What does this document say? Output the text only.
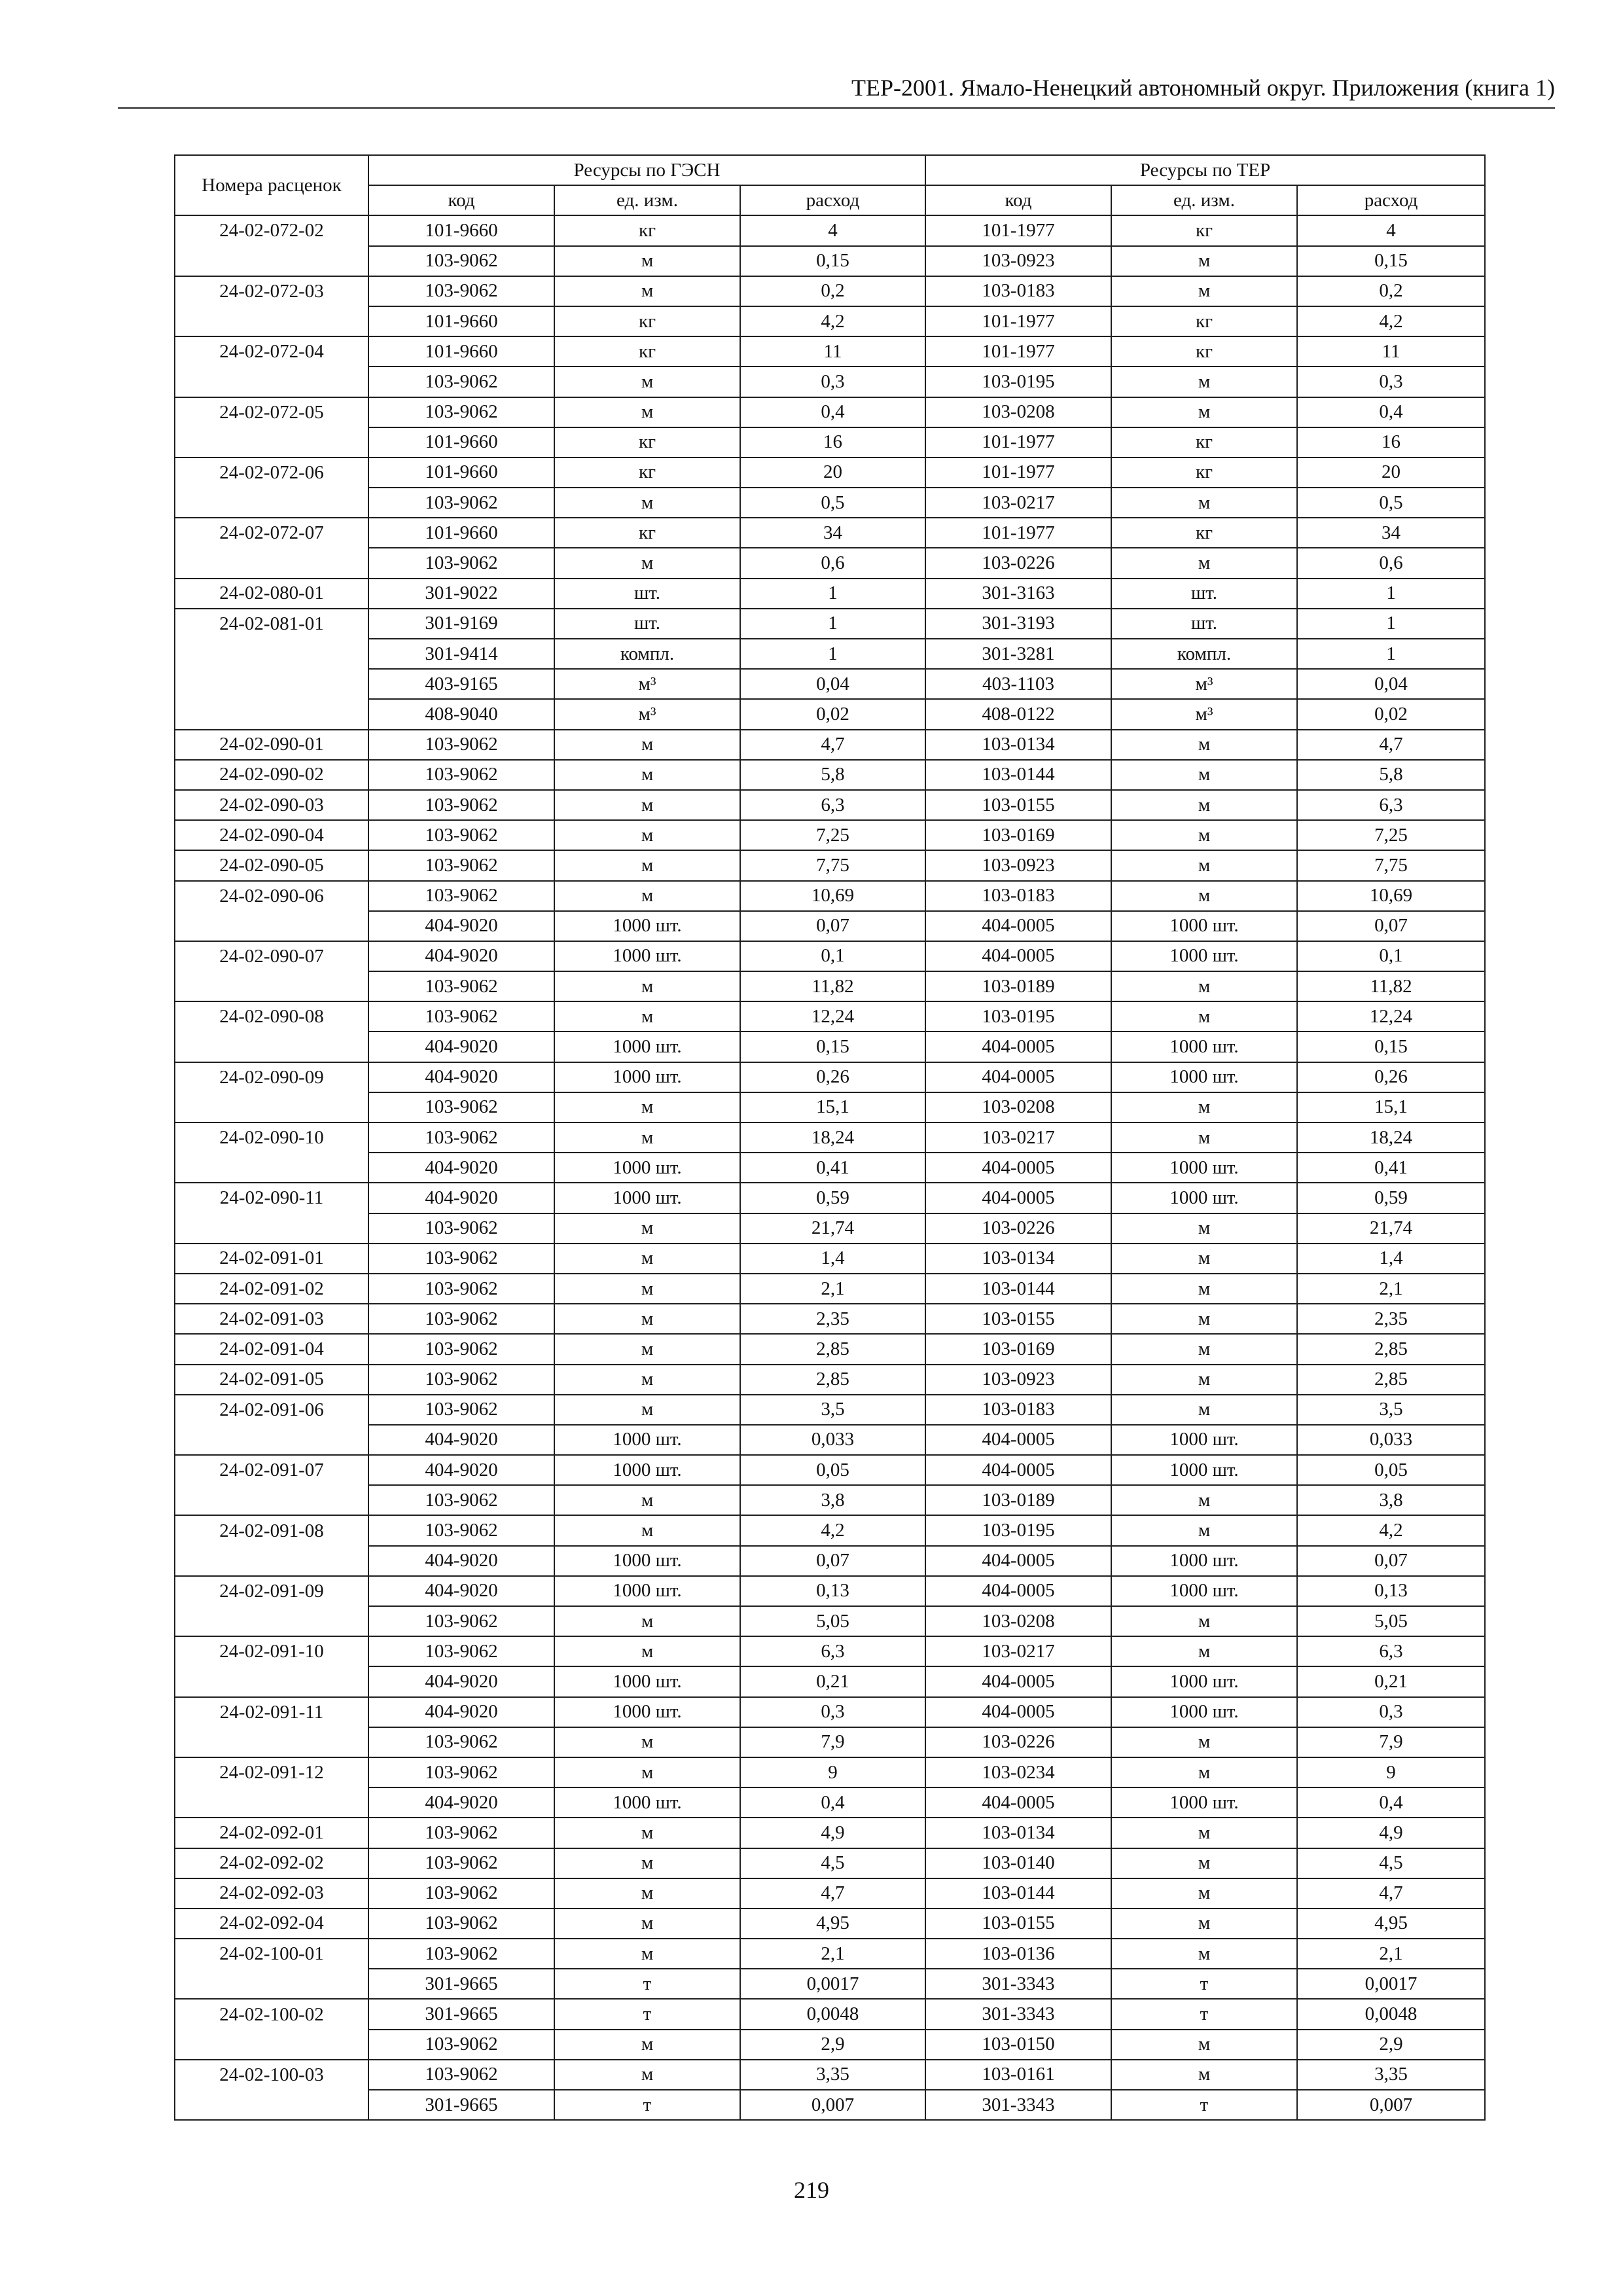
ТЕР-2001. Ямало-Ненецкий автономный округ. Приложения (книга 1)
Номера расценок	Ресурсы по ГЭСН			Ресурсы по ТЕР		
	код	ед. изм.	расход	код	ед. изм.	расход
24-02-072-02	101-9660	кг	4	101-1977	кг	4
	103-9062	м	0,15	103-0923	м	0,15
24-02-072-03	103-9062	м	0,2	103-0183	м	0,2
	101-9660	кг	4,2	101-1977	кг	4,2
24-02-072-04	101-9660	кг	11	101-1977	кг	11
	103-9062	м	0,3	103-0195	м	0,3
24-02-072-05	103-9062	м	0,4	103-0208	м	0,4
	101-9660	кг	16	101-1977	кг	16
24-02-072-06	101-9660	кг	20	101-1977	кг	20
	103-9062	м	0,5	103-0217	м	0,5
24-02-072-07	101-9660	кг	34	101-1977	кг	34
	103-9062	м	0,6	103-0226	м	0,6
24-02-080-01	301-9022	шт.	1	301-3163	шт.	1
24-02-081-01	301-9169	шт.	1	301-3193	шт.	1
	301-9414	компл.	1	301-3281	компл.	1
	403-9165	м³	0,04	403-1103	м³	0,04
	408-9040	м³	0,02	408-0122	м³	0,02
24-02-090-01	103-9062	м	4,7	103-0134	м	4,7
24-02-090-02	103-9062	м	5,8	103-0144	м	5,8
24-02-090-03	103-9062	м	6,3	103-0155	м	6,3
24-02-090-04	103-9062	м	7,25	103-0169	м	7,25
24-02-090-05	103-9062	м	7,75	103-0923	м	7,75
24-02-090-06	103-9062	м	10,69	103-0183	м	10,69
	404-9020	1000 шт.	0,07	404-0005	1000 шт.	0,07
24-02-090-07	404-9020	1000 шт.	0,1	404-0005	1000 шт.	0,1
	103-9062	м	11,82	103-0189	м	11,82
24-02-090-08	103-9062	м	12,24	103-0195	м	12,24
	404-9020	1000 шт.	0,15	404-0005	1000 шт.	0,15
24-02-090-09	404-9020	1000 шт.	0,26	404-0005	1000 шт.	0,26
	103-9062	м	15,1	103-0208	м	15,1
24-02-090-10	103-9062	м	18,24	103-0217	м	18,24
	404-9020	1000 шт.	0,41	404-0005	1000 шт.	0,41
24-02-090-11	404-9020	1000 шт.	0,59	404-0005	1000 шт.	0,59
	103-9062	м	21,74	103-0226	м	21,74
24-02-091-01	103-9062	м	1,4	103-0134	м	1,4
24-02-091-02	103-9062	м	2,1	103-0144	м	2,1
24-02-091-03	103-9062	м	2,35	103-0155	м	2,35
24-02-091-04	103-9062	м	2,85	103-0169	м	2,85
24-02-091-05	103-9062	м	2,85	103-0923	м	2,85
24-02-091-06	103-9062	м	3,5	103-0183	м	3,5
	404-9020	1000 шт.	0,033	404-0005	1000 шт.	0,033
24-02-091-07	404-9020	1000 шт.	0,05	404-0005	1000 шт.	0,05
	103-9062	м	3,8	103-0189	м	3,8
24-02-091-08	103-9062	м	4,2	103-0195	м	4,2
	404-9020	1000 шт.	0,07	404-0005	1000 шт.	0,07
24-02-091-09	404-9020	1000 шт.	0,13	404-0005	1000 шт.	0,13
	103-9062	м	5,05	103-0208	м	5,05
24-02-091-10	103-9062	м	6,3	103-0217	м	6,3
	404-9020	1000 шт.	0,21	404-0005	1000 шт.	0,21
24-02-091-11	404-9020	1000 шт.	0,3	404-0005	1000 шт.	0,3
	103-9062	м	7,9	103-0226	м	7,9
24-02-091-12	103-9062	м	9	103-0234	м	9
	404-9020	1000 шт.	0,4	404-0005	1000 шт.	0,4
24-02-092-01	103-9062	м	4,9	103-0134	м	4,9
24-02-092-02	103-9062	м	4,5	103-0140	м	4,5
24-02-092-03	103-9062	м	4,7	103-0144	м	4,7
24-02-092-04	103-9062	м	4,95	103-0155	м	4,95
24-02-100-01	103-9062	м	2,1	103-0136	м	2,1
	301-9665	т	0,0017	301-3343	т	0,0017
24-02-100-02	301-9665	т	0,0048	301-3343	т	0,0048
	103-9062	м	2,9	103-0150	м	2,9
24-02-100-03	103-9062	м	3,35	103-0161	м	3,35
	301-9665	т	0,007	301-3343	т	0,007
219
